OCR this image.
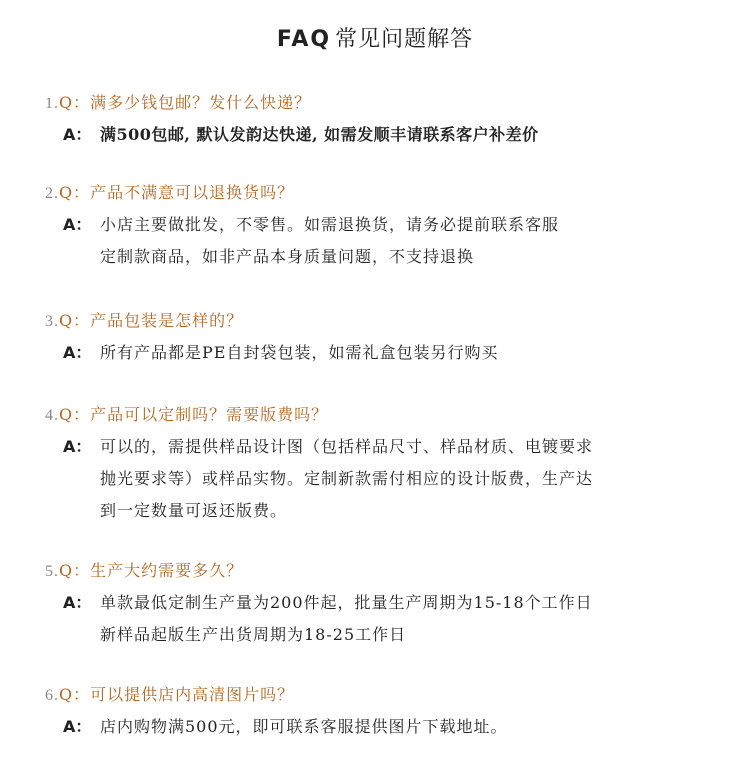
FAQ 常见问题解答
1.Q：满多少钱包邮？发什么快递？
A： 满500包邮, 默认发韵达快递, 如需发顺丰请联系客户补差价
2.Q：产品不满意可以退换货吗？
A： 小店主要做批发，不零售。如需退换货，请务必提前联系客服
定制款商品，如非产品本身质量问题，不支持退换
3.Q：产品包装是怎样的？
A： 所有产品都是PE自封袋包装，如需礼盒包装另行购买
4.Q：产品可以定制吗？需要版费吗？
A： 可以的，需提供样品设计图（包括样品尺寸、样品材质、电镀要求
抛光要求等）或样品实物。定制新款需付相应的设计版费，生产达
到一定数量可返还版费。
5.Q：生产大约需要多久？
A： 单款最低定制生产量为200件起，批量生产周期为15-18个工作日
新样品起版生产出货周期为18-25工作日
6.Q：可以提供店内高清图片吗？
A： 店内购物满500元，即可联系客服提供图片下载地址。
